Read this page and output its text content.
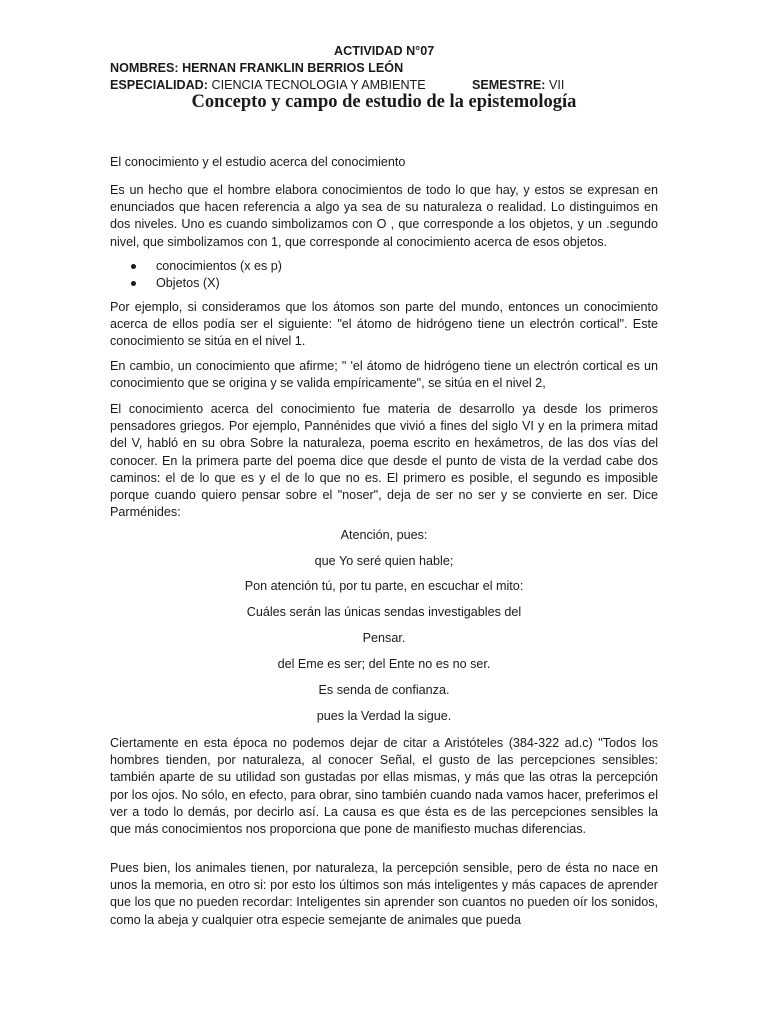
ACTIVIDAD N°07
NOMBRES: HERNAN FRANKLIN BERRIOS LEÓN
ESPECIALIDAD: CIENCIA TECNOLOGIA Y AMBIENTE	SEMESTRE: VII
Concepto y campo de estudio de la epistemología
El conocimiento y el estudio acerca del conocimiento

Es un hecho que el hombre elabora conocimientos de todo lo que hay, y estos se expresan en enunciados que hacen referencia a algo ya sea de su naturaleza o realidad. Lo distinguimos en dos niveles. Uno es cuando simbolizamos con O , que corresponde a los objetos, y un .segundo nivel, que simbolizamos con 1, que corresponde al conocimiento acerca de esos objetos.

conocimientos (x es p)
Objetos (X)

Por ejemplo, si consideramos que los átomos son parte del mundo, entonces un conocimiento acerca de ellos podía ser el siguiente: "el átomo de hidrógeno tiene un electrón cortical". Este conocimiento se sitúa en el nivel 1.

En cambio, un conocimiento que afirme; " 'el átomo de hidrógeno tiene un electrón cortical es un conocimiento que se origina y se valida empíricamente", se sitúa en el nivel 2,

El conocimiento acerca del conocimiento fue materia de desarrollo ya desde los primeros pensadores griegos. Por ejemplo, Pannénides que vivió a fines del siglo VI y en la primera mitad del V, habló en su obra Sobre la naturaleza, poema escrito en hexámetros, de las dos vías del conocer. En la primera parte del poema dice que desde el punto de vista de la verdad cabe dos caminos: el de lo que es y el de lo que no es. El primero es posible, el segundo es imposible porque cuando quiero pensar sobre el "noser", deja de ser no ser y se convierte en ser. Dice Parménides:

Atención, pues:
que Yo seré quien hable;
Pon atención tú, por tu parte, en escuchar el mito:
Cuáles serán las únicas sendas investigables del
Pensar.
del Eme es ser; del Ente no es no ser.
Es senda de confianza.
pues la Verdad la sigue.

Ciertamente en esta época no podemos dejar de citar a Aristóteles (384-322 ad.c) "Todos los hombres tienden, por naturaleza, al conocer Señal, el gusto de las percepciones sensibles: también aparte de su utilidad son gustadas por ellas mismas, y más que las otras la percepción por los ojos. No sólo, en efecto, para obrar, sino también cuando nada vamos hacer, preferimos el ver a todo lo demás, por decirlo así. La causa es que ésta es de las percepciones sensibles la que más conocimientos nos proporciona que pone de manifiesto muchas diferencias.

Pues bien, los animales tienen, por naturaleza, la percepción sensible, pero de ésta no nace en unos la memoria, en otro si: por esto los últimos son más inteligentes y más capaces de aprender que los que no pueden recordar: Inteligentes sin aprender son cuantos no pueden oír los sonidos, como la abeja y cualquier otra especie semejante de animales que pueda
